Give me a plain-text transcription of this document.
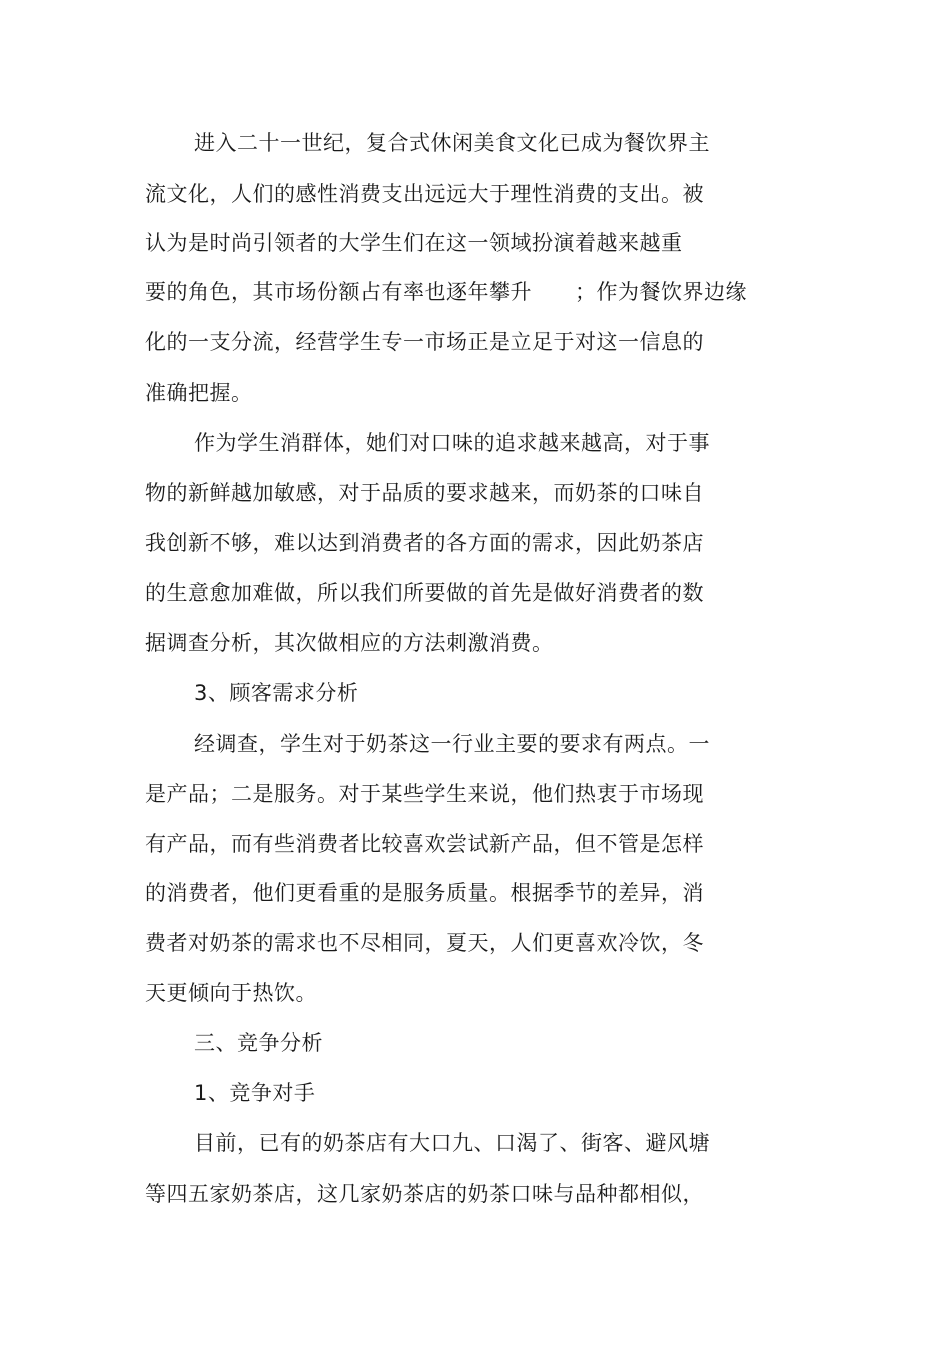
进入二十一世纪，复合式休闲美食文化已成为餐饮界主
流文化，人们的感性消费支出远远大于理性消费的支出。被
认为是时尚引领者的大学生们在这一领域扮演着越来越重
要的角色，其市场份额占有率也逐年攀升　　；作为餐饮界边缘
化的一支分流，经营学生专一市场正是立足于对这一信息的
准确把握。
作为学生消群体，她们对口味的追求越来越高，对于事
物的新鲜越加敏感，对于品质的要求越来，而奶茶的口味自
我创新不够，难以达到消费者的各方面的需求，因此奶茶店
的生意愈加难做，所以我们所要做的首先是做好消费者的数
据调查分析，其次做相应的方法刺激消费。
3、顾客需求分析
经调查，学生对于奶茶这一行业主要的要求有两点。一
是产品；二是服务。对于某些学生来说，他们热衷于市场现
有产品，而有些消费者比较喜欢尝试新产品，但不管是怎样
的消费者，他们更看重的是服务质量。根据季节的差异，消
费者对奶茶的需求也不尽相同，夏天，人们更喜欢冷饮，冬
天更倾向于热饮。
三、竞争分析
1、竞争对手
目前，已有的奶茶店有大口九、口渴了、街客、避风塘
等四五家奶茶店，这几家奶茶店的奶茶口味与品种都相似，
